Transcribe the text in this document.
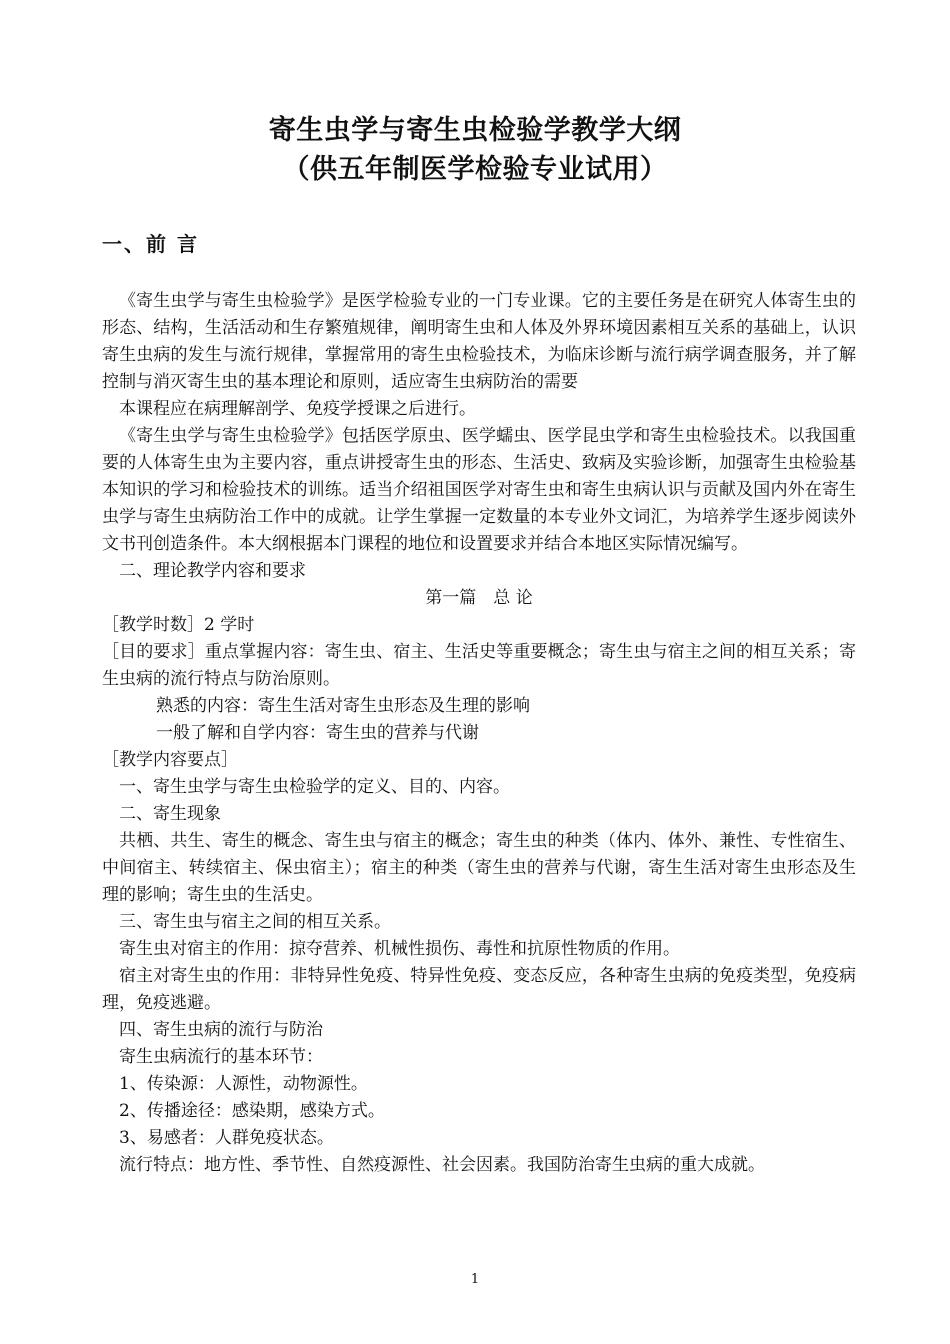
寄生虫学与寄生虫检验学教学大纲
（供五年制医学检验专业试用）
一、前 言

《寄生虫学与寄生虫检验学》是医学检验专业的一门专业课。它的主要任务是在研究人体寄生虫的形态、结构，生活活动和生存繁殖规律，阐明寄生虫和人体及外界环境因素相互关系的基础上，认识寄生虫病的发生与流行规律，掌握常用的寄生虫检验技术，为临床诊断与流行病学调查服务，并了解控制与消灭寄生虫的基本理论和原则，适应寄生虫病防治的需要

本课程应在病理解剖学、免疫学授课之后进行。

《寄生虫学与寄生虫检验学》包括医学原虫、医学蠕虫、医学昆虫学和寄生虫检验技术。以我国重要的人体寄生虫为主要内容，重点讲授寄生虫的形态、生活史、致病及实验诊断，加强寄生虫检验基本知识的学习和检验技术的训练。适当介绍祖国医学对寄生虫和寄生虫病认识与贡献及国内外在寄生虫学与寄生虫病防治工作中的成就。让学生掌握一定数量的本专业外文词汇，为培养学生逐步阅读外文书刊创造条件。本大纲根据本门课程的地位和设置要求并结合本地区实际情况编写。

二、理论教学内容和要求

第一篇　总 论

［教学时数］2 学时

［目的要求］重点掌握内容：寄生虫、宿主、生活史等重要概念；寄生虫与宿主之间的相互关系；寄生虫病的流行特点与防治原则。

熟悉的内容：寄生生活对寄生虫形态及生理的影响

一般了解和自学内容：寄生虫的营养与代谢

［教学内容要点］

一、寄生虫学与寄生虫检验学的定义、目的、内容。

二、寄生现象

共栖、共生、寄生的概念、寄生虫与宿主的概念；寄生虫的种类（体内、体外、兼性、专性宿生、中间宿主、转续宿主、保虫宿主）；宿主的种类（寄生虫的营养与代谢，寄生生活对寄生虫形态及生理的影响；寄生虫的生活史。

三、寄生虫与宿主之间的相互关系。

寄生虫对宿主的作用：掠夺营养、机械性损伤、毒性和抗原性物质的作用。

宿主对寄生虫的作用：非特异性免疫、特异性免疫、变态反应，各种寄生虫病的免疫类型，免疫病理，免疫逃避。

四、寄生虫病的流行与防治

寄生虫病流行的基本环节：

1、传染源：人源性，动物源性。

2、传播途径：感染期，感染方式。

3、易感者：人群免疫状态。

流行特点：地方性、季节性、自然疫源性、社会因素。我国防治寄生虫病的重大成就。

1
